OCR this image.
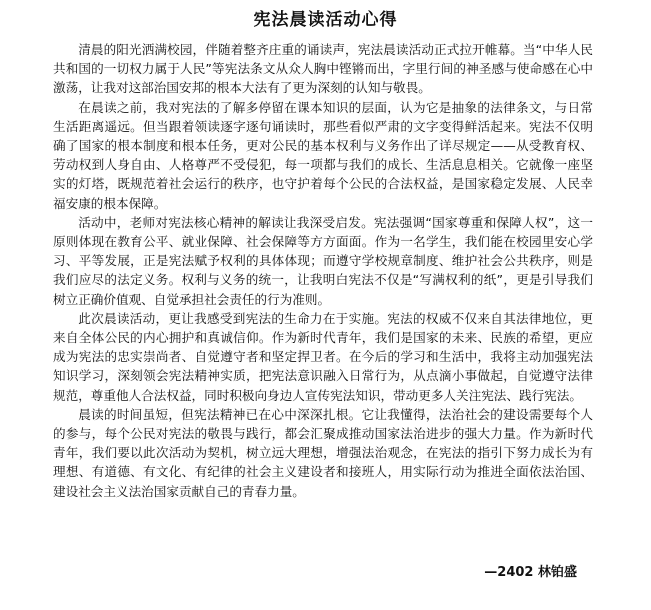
宪法晨读活动心得

清晨的阳光洒满校园，伴随着整齐庄重的诵读声，宪法晨读活动正式拉开帷幕。当“中华人民共和国的一切权力属于人民”等宪法条文从众人胸中铿锵而出，字里行间的神圣感与使命感在心中激荡，让我对这部治国安邦的根本大法有了更为深刻的认知与敬畏。

在晨读之前，我对宪法的了解多停留在课本知识的层面，认为它是抽象的法律条文，与日常生活距离遥远。但当跟着领读逐字逐句诵读时，那些看似严肃的文字变得鲜活起来。宪法不仅明确了国家的根本制度和根本任务，更对公民的基本权利与义务作出了详尽规定——从受教育权、劳动权到人身自由、人格尊严不受侵犯，每一项都与我们的成长、生活息息相关。它就像一座坚实的灯塔，既规范着社会运行的秩序，也守护着每个公民的合法权益，是国家稳定发展、人民幸福安康的根本保障。

活动中，老师对宪法核心精神的解读让我深受启发。宪法强调“国家尊重和保障人权”，这一原则体现在教育公平、就业保障、社会保障等方方面面。作为一名学生，我们能在校园里安心学习、平等发展，正是宪法赋予权利的具体体现；而遵守学校规章制度、维护社会公共秩序，则是我们应尽的法定义务。权利与义务的统一，让我明白宪法不仅是“写满权利的纸”，更是引导我们树立正确价值观、自觉承担社会责任的行为准则。

此次晨读活动，更让我感受到宪法的生命力在于实施。宪法的权威不仅来自其法律地位，更来自全体公民的内心拥护和真诚信仰。作为新时代青年，我们是国家的未来、民族的希望，更应成为宪法的忠实崇尚者、自觉遵守者和坚定捍卫者。在今后的学习和生活中，我将主动加强宪法知识学习，深刻领会宪法精神实质，把宪法意识融入日常行为，从点滴小事做起，自觉遵守法律规范，尊重他人合法权益，同时积极向身边人宣传宪法知识，带动更多人关注宪法、践行宪法。

晨读的时间虽短，但宪法精神已在心中深深扎根。它让我懂得，法治社会的建设需要每个人的参与，每个公民对宪法的敬畏与践行，都会汇聚成推动国家法治进步的强大力量。作为新时代青年，我们要以此次活动为契机，树立远大理想，增强法治观念，在宪法的指引下努力成长为有理想、有道德、有文化、有纪律的社会主义建设者和接班人，用实际行动为推进全面依法治国、建设社会主义法治国家贡献自己的青春力量。

—2402 林铂盛
